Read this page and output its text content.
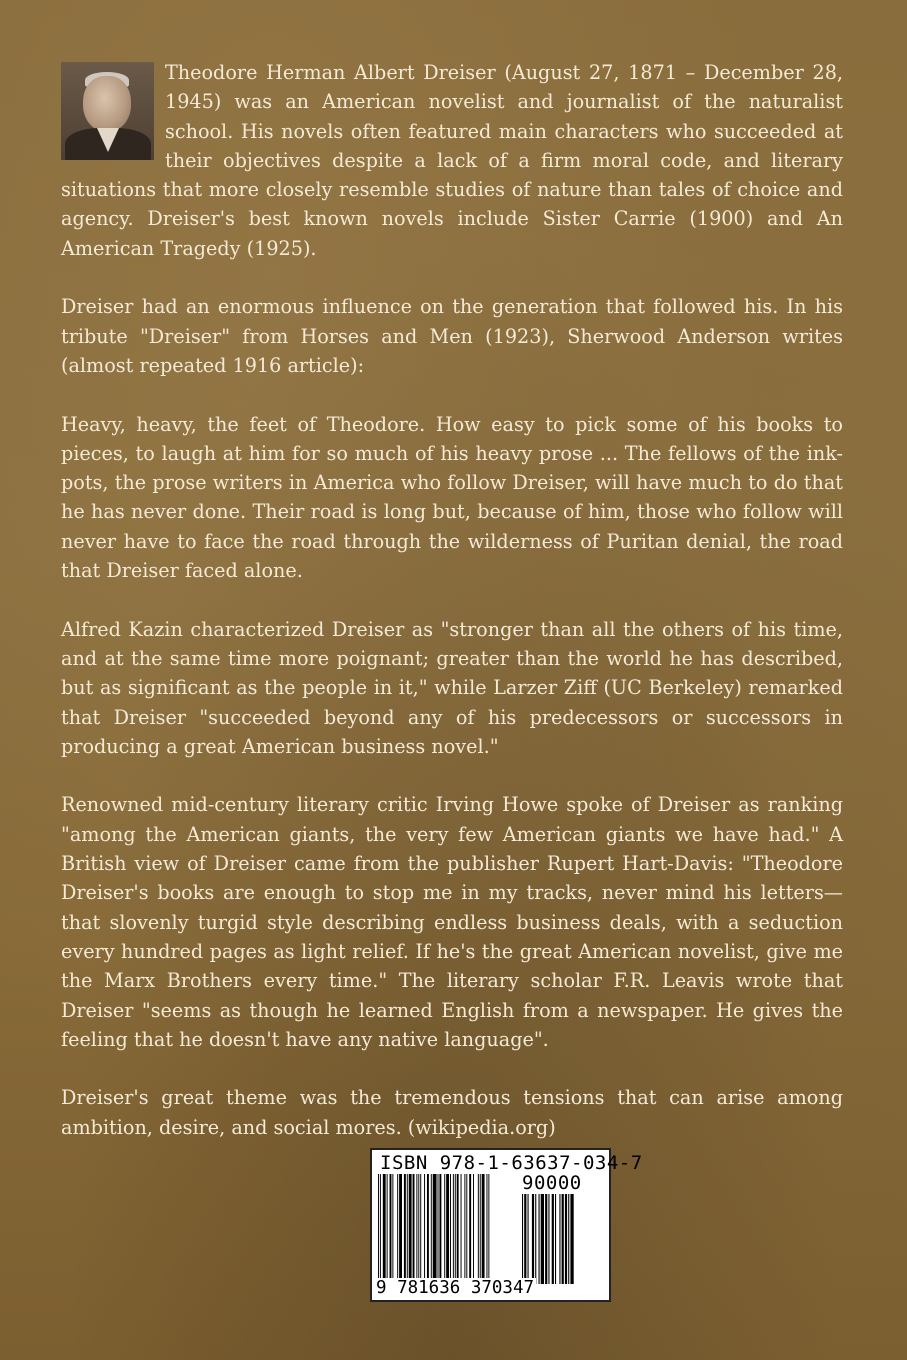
Theodore Herman Albert Dreiser (August 27, 1871 – December 28, 1945) was an American novelist and journalist of the naturalist school. His novels often featured main characters who succeeded at their objectives despite a lack of a firm moral code, and literary situations that more closely resemble studies of nature than tales of choice and agency. Dreiser's best known novels include Sister Carrie (1900) and An American Tragedy (1925).

Dreiser had an enormous influence on the generation that followed his. In his tribute "Dreiser" from Horses and Men (1923), Sherwood Anderson writes (almost repeated 1916 article):

Heavy, heavy, the feet of Theodore. How easy to pick some of his books to pieces, to laugh at him for so much of his heavy prose ... The fellows of the ink-pots, the prose writers in America who follow Dreiser, will have much to do that he has never done. Their road is long but, because of him, those who follow will never have to face the road through the wilderness of Puritan denial, the road that Dreiser faced alone.

Alfred Kazin characterized Dreiser as "stronger than all the others of his time, and at the same time more poignant; greater than the world he has described, but as significant as the people in it," while Larzer Ziff (UC Berkeley) remarked that Dreiser "succeeded beyond any of his predecessors or successors in producing a great American business novel."

Renowned mid-century literary critic Irving Howe spoke of Dreiser as ranking "among the American giants, the very few American giants we have had." A British view of Dreiser came from the publisher Rupert Hart-Davis: "Theodore Dreiser's books are enough to stop me in my tracks, never mind his letters—that slovenly turgid style describing endless business deals, with a seduction every hundred pages as light relief. If he's the great American novelist, give me the Marx Brothers every time." The literary scholar F.R. Leavis wrote that Dreiser "seems as though he learned English from a newspaper. He gives the feeling that he doesn't have any native language".

Dreiser's great theme was the tremendous tensions that can arise among ambition, desire, and social mores. (wikipedia.org)

ISBN 978-1-63637-034-7
90000
9 781636 370347
